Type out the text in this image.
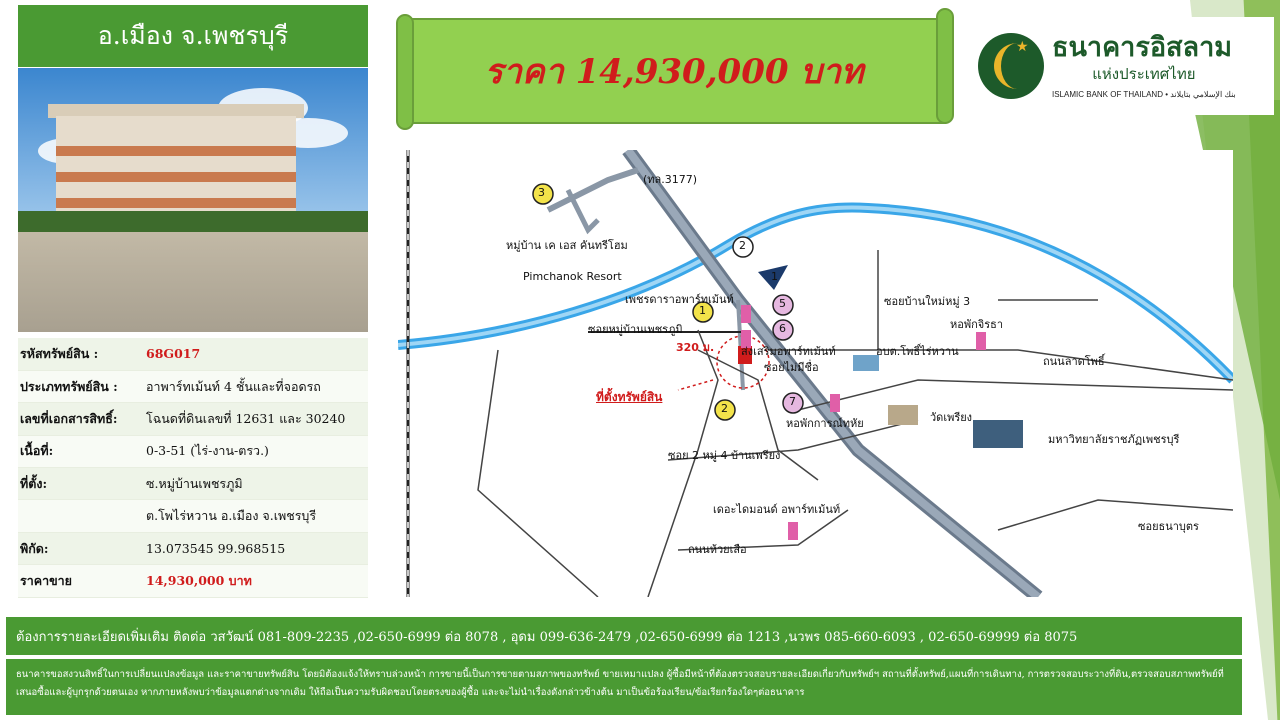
อ.เมือง จ.เพชรบุรี
รหัสทรัพย์สิน :	68G017
ประเภททรัพย์สิน :	อาพาร์ทเม้นท์ 4 ชั้นและที่จอดรถ
เลขที่เอกสารสิทธิ์:	โฉนดที่ดินเลขที่ 12631 และ 30240
เนื้อที่:	0-3-51 (ไร่-งาน-ตรว.)
ที่ตั้ง:	ซ.หมู่บ้านเพชรภูมิ
	ต.โพไร่หวาน อ.เมือง จ.เพชรบุรี
พิกัด:	13.073545 99.968515
ราคาขาย	14,930,000 บาท
ราคา 14,930,000 บาท
★
ธนาคารอิสลาม
แห่งประเทศไทย
ISLAMIC BANK OF THAILAND • بنك الإسلامي بتايلاند
3
2
1
1
5
6
2
7
(ทล.3177)
หมู่บ้าน เค เอส คันทรีโฮม
Pimchanok Resort
เพชรดาราอพาร์ทเม้นท์
ซอยหมู่บ้านเพชรภูมิ
320 ม. ส่งเสริมอพาร์ทเม้นท์
ซอยไม่มีชื่อ
ที่ตั้งทรัพย์สิน
ซอยบ้านใหม่หมู่ 3
หอพักจิรธา
อบต.โพธิ์ไร่หวาน
ถนนลาดโพธิ์
หอพักการณ์ทหัย	วัดเพรียง
มหาวิทยาลัยราชภัฏเพชรบุรี
ซอย 2 หมู่ 4 บ้านเพรียง
เดอะไดมอนด์ อพาร์ทเม้นท์
ถนนห้วยเสือ
ซอยธนาบุตร
ต้องการรายละเอียดเพิ่มเติม ติดต่อ วสวัฒน์ 081-809-2235 ,02-650-6999 ต่อ 8078 , อุดม 099-636-2479 ,02-650-6999 ต่อ 1213 ,นวพร 085-660-6093 , 02-650-69999 ต่อ 8075
ธนาคารขอสงวนสิทธิ์ในการเปลี่ยนแปลงข้อมูล และราคาขายทรัพย์สิน โดยมิต้องแจ้งให้ทราบล่วงหน้า การขายนี้เป็นการขายตามสภาพของทรัพย์ ขายเหมาแปลง ผู้ซื้อมีหน้าที่ต้องตรวจสอบรายละเอียดเกี่ยวกับทรัพย์ฯ สถานที่ตั้งทรัพย์,แผนที่การเดินทาง, การตรวจสอบระวางที่ดิน,ตรวจสอบสภาพทรัพย์ที่เสนอซื้อและผู้บุกรุกด้วยตนเอง หากภายหลังพบว่าข้อมูลแตกต่างจากเดิม ให้ถือเป็นความรับผิดชอบโดยตรงของผู้ซื้อ และจะไม่นำเรื่องดังกล่าวข้างต้น มาเป็นข้อร้องเรียน/ข้อเรียกร้องใดๆต่อธนาคาร
